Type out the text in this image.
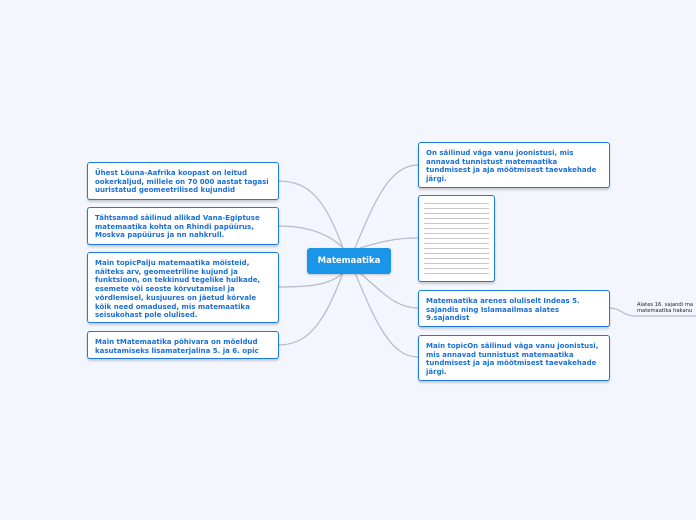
Matemaatika
Ühest Lõuna-Aafrika koopast on leitud ookerkaljud, millele on 70 000 aastat tagasi uuristatud geomeetrilised kujundid
Tähtsamad säilinud allikad Vana-Egiptuse matemaatika kohta on Rhindi papüürus, Moskva papüürus ja nn nahkrull.
Main topicPalju matemaatika mõisteid, näiteks arv, geomeetriline kujund ja funktsioon, on tekkinud tegelike hulkade, esemete või seoste kõrvutamisel ja võrdlemisel, kusjuures on jäetud kõrvale kõik need omadused, mis matemaatika seisukohast pole olulised.
Main tMatemaatika põhivara on mõeldud kasutamiseks lisamaterjalina 5. ja 6. opic
On säilinud väga vanu joonistusi, mis annavad tunnistust matemaatika tundmisest ja aja mõõtmisest taevakehade järgi.
Matemaatika arenes oluliselt Indeas 5. sajandis ning Islamaailmas alates 9.sajandist
Main topicOn säilinud väga vanu joonistusi, mis annavad tunnistust matemaatika tundmisest ja aja mõõtmisest taevakehade järgi.
Alates 16. sajandi ma
matemaatika hakanu
